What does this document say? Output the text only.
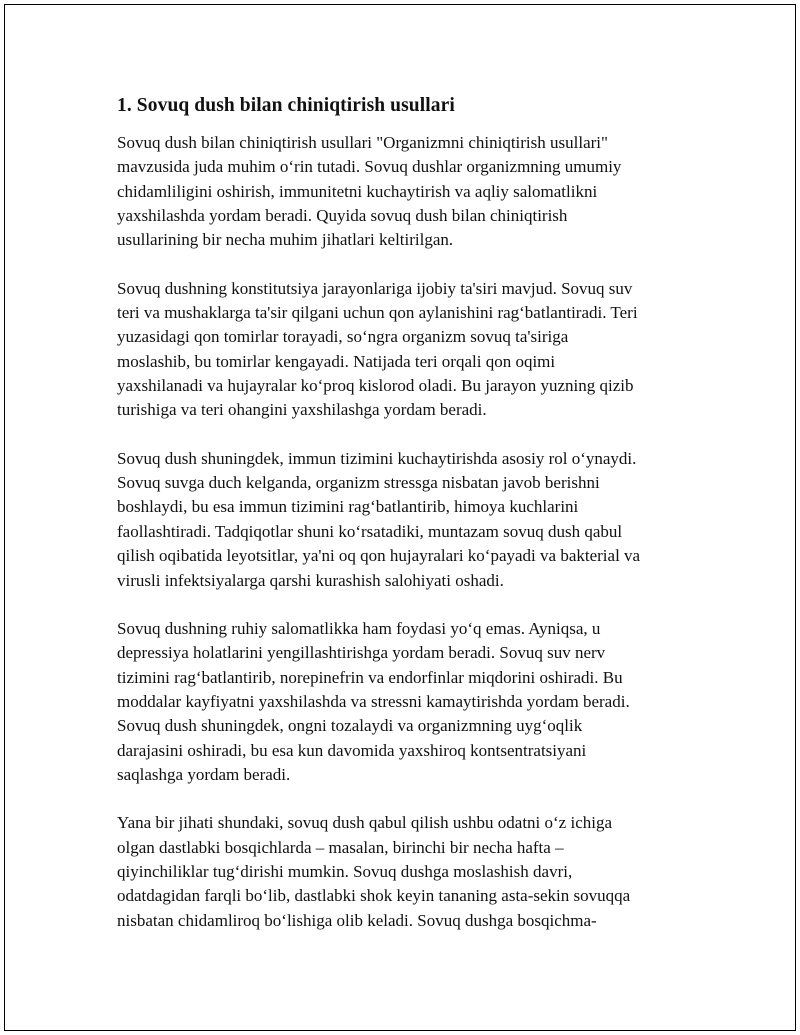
1. Sovuq dush bilan chiniqtirish usullari

Sovuq dush bilan chiniqtirish usullari "Organizmni chiniqtirish usullari"
mavzusida juda muhim o‘rin tutadi. Sovuq dushlar organizmning umumiy
chidamliligini oshirish, immunitetni kuchaytirish va aqliy salomatlikni
yaxshilashda yordam beradi. Quyida sovuq dush bilan chiniqtirish
usullarining bir necha muhim jihatlari keltirilgan.

Sovuq dushning konstitutsiya jarayonlariga ijobiy ta'siri mavjud. Sovuq suv
teri va mushaklarga ta'sir qilgani uchun qon aylanishini rag‘batlantiradi. Teri
yuzasidagi qon tomirlar torayadi, so‘ngra organizm sovuq ta'siriga
moslashib, bu tomirlar kengayadi. Natijada teri orqali qon oqimi
yaxshilanadi va hujayralar ko‘proq kislorod oladi. Bu jarayon yuzning qizib
turishiga va teri ohangini yaxshilashga yordam beradi.

Sovuq dush shuningdek, immun tizimini kuchaytirishda asosiy rol o‘ynaydi.
Sovuq suvga duch kelganda, organizm stressga nisbatan javob berishni
boshlaydi, bu esa immun tizimini rag‘batlantirib, himoya kuchlarini
faollashtiradi. Tadqiqotlar shuni ko‘rsatadiki, muntazam sovuq dush qabul
qilish oqibatida leyotsitlar, ya'ni oq qon hujayralari ko‘payadi va bakterial va
virusli infektsiyalarga qarshi kurashish salohiyati oshadi.

Sovuq dushning ruhiy salomatlikka ham foydasi yo‘q emas. Ayniqsa, u
depressiya holatlarini yengillashtirishga yordam beradi. Sovuq suv nerv
tizimini rag‘batlantirib, norepinefrin va endorfinlar miqdorini oshiradi. Bu
moddalar kayfiyatni yaxshilashda va stressni kamaytirishda yordam beradi.
Sovuq dush shuningdek, ongni tozalaydi va organizmning uyg‘oqlik
darajasini oshiradi, bu esa kun davomida yaxshiroq kontsentratsiyani
saqlashga yordam beradi.

Yana bir jihati shundaki, sovuq dush qabul qilish ushbu odatni o‘z ichiga
olgan dastlabki bosqichlarda – masalan, birinchi bir necha hafta –
qiyinchiliklar tug‘dirishi mumkin. Sovuq dushga moslashish davri,
odatdagidan farqli bo‘lib, dastlabki shok keyin tananing asta-sekin sovuqqa
nisbatan chidamliroq bo‘lishiga olib keladi. Sovuq dushga bosqichma-
